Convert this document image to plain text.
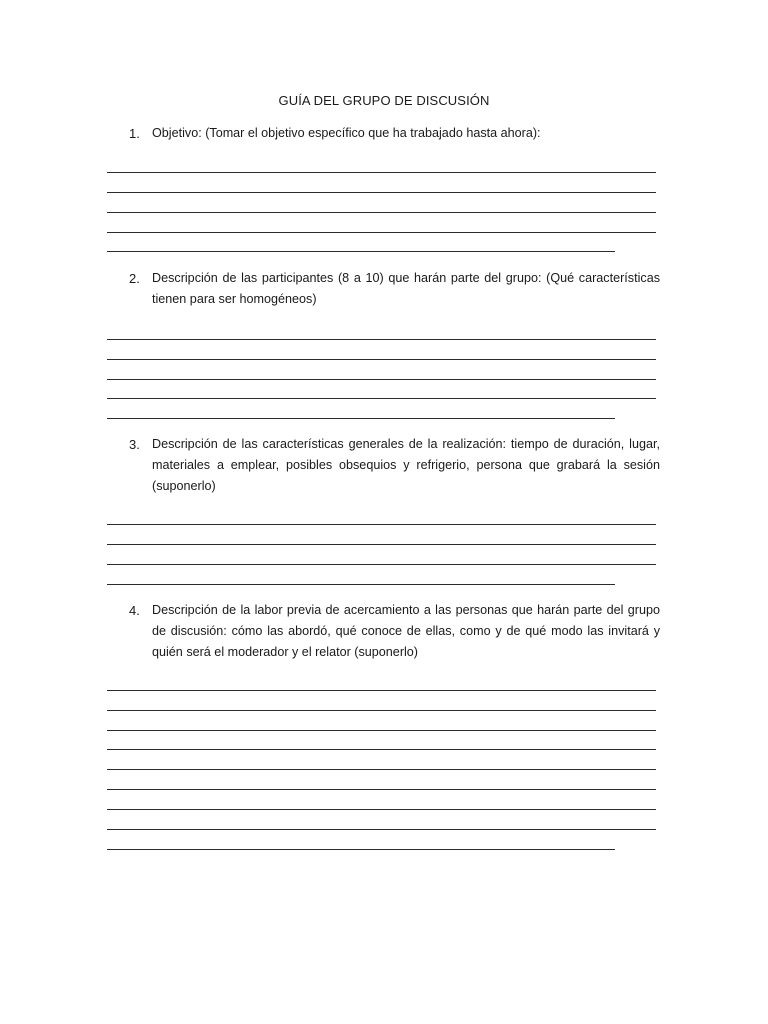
GUÍA DEL GRUPO DE DISCUSIÓN
1. Objetivo: (Tomar el objetivo específico que ha trabajado hasta ahora):
2. Descripción de las participantes (8 a 10) que harán parte del grupo: (Qué características tienen para ser homogéneos)
3. Descripción de las características generales de la realización: tiempo de duración, lugar, materiales a emplear, posibles obsequios y refrigerio, persona que grabará la sesión (suponerlo)
4. Descripción de la labor previa de acercamiento a las personas que harán parte del grupo de discusión: cómo las abordó, qué conoce de ellas, como y de qué modo las invitará y quién será el moderador y el relator (suponerlo)
